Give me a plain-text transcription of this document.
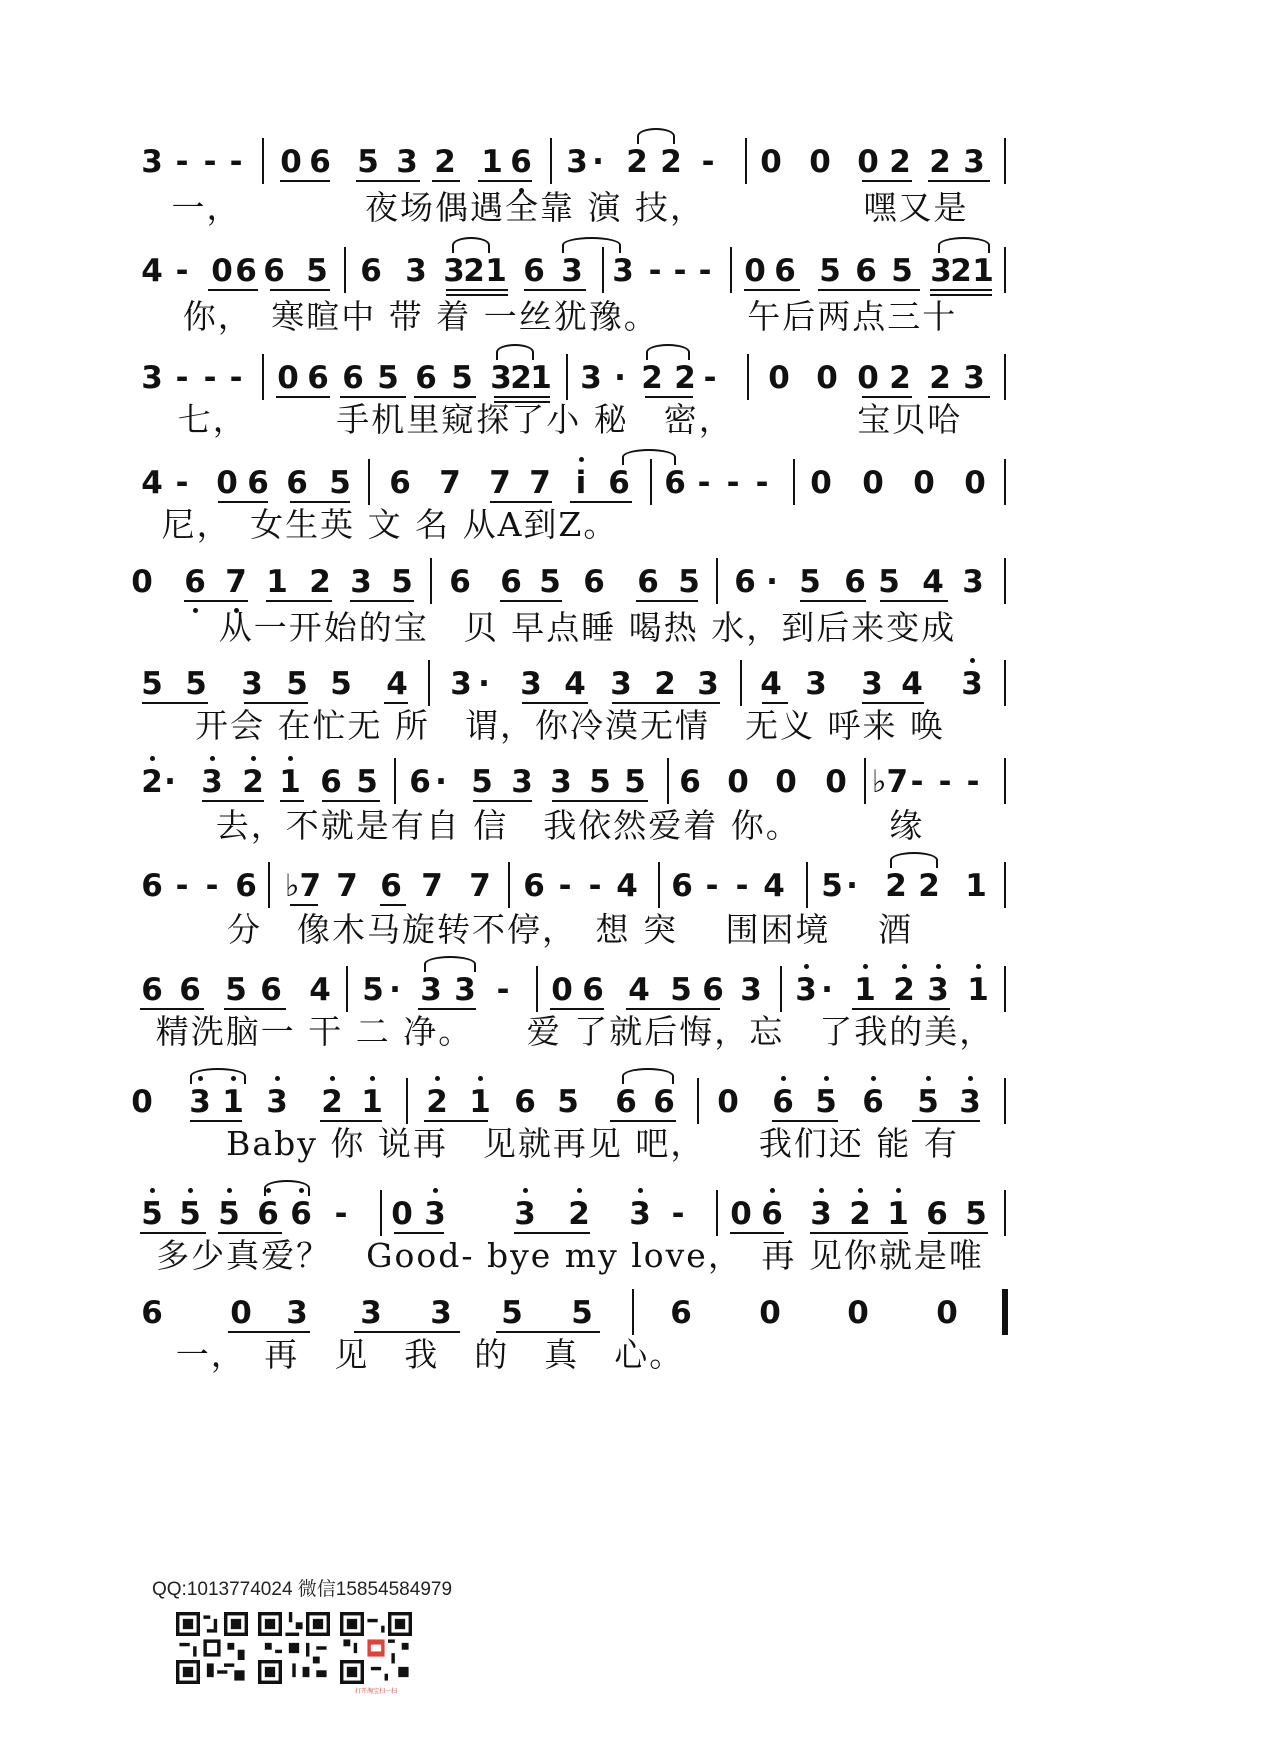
3 - - - 0 6 5 3 2 1 6 3 · 2 2 - 0 0 0 2 2 3
一，　　　　夜场偶遇全靠 演 技，　　　　　嘿又是
4 - 0 6 6 5 6 3 3
2 1 6 3 3 - - - 0 6 5 6 5 3
2 1
你，　寒暄中 带 着 一丝犹豫。　　　午后两点三十
3 - - - 0 6 6 5 6 5 3
2
1 3 · 2 2 - 0 0 0 2 2 3
七，　　　手机里窥探了小 秘　密，　　　　宝贝哈
4 - 0 6 6 5 6 7 7 7 i 6 6 - - - 0 0 0 0
尼，　女生英 文 名 从A到Z。
0 6 7 1 2 3 5 6 6 5 6 6 5 6 · 5 6 5 4 3
　从一开始的宝　贝 早点睡 喝热 水，到后来变成
5 5 3 5 5 4 3 · 3 4 3 2 3 4 3 3 4 3
开会 在忙无 所　谓，你冷漠无情　无义 呼来 唤
2 · 3 2 1 6 5 6 · 5 3 3 5 5 6 0 0 0 ♭7 - - -
去，不就是有自 信　我依然爱着 你。　　　缘
6 - - 6 ♭7 7 6 7 7 6 - - 4 6 - - 4 5 · 2 2 1
分　像木马旋转不停，　想 突　 围困境　 酒
6 6 5 6 4 5 · 3 3 - 0 6 4 5 6 3 3 · 1 2 3 1
精洗脑一 干 二 净。　　爱 了就后悔，忘　了我的美，
0 3 1 3 2 1 2 1 6 5 6 6 0 6 5 6 5 3
　Baby 你 说再　见就再见 吧，　　我们还 能 有
5 5 5 6 6 - 0 3 3 2 3 - 0 6 3 2 1 6 5
多少真爱？　Good- bye my love，　再 见你就是唯
6 0 3 3 3 5 5 6 0 0 0
一，　再　见　我　的　真　心。
QQ:1013774024 微信15854584979
打开淘宝扫一扫
